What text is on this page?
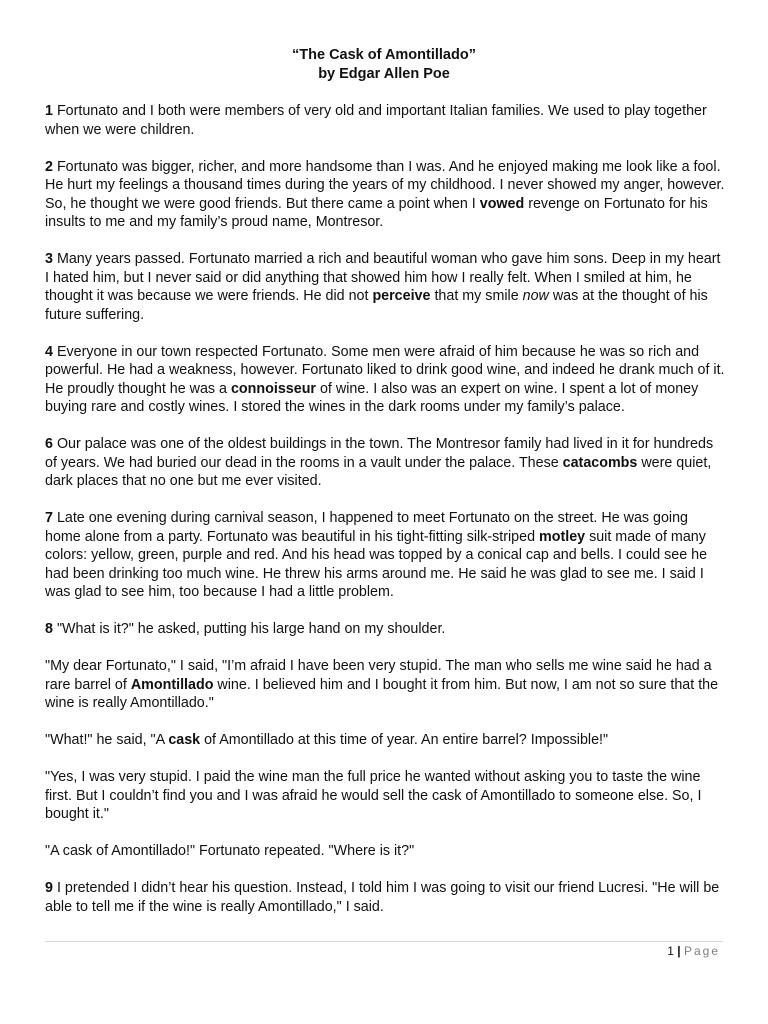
“The Cask of Amontillado”
by Edgar Allen Poe

1 Fortunato and I both were members of very old and important Italian families. We used to play together when we were children.

2 Fortunato was bigger, richer, and more handsome than I was. And he enjoyed making me look like a fool. He hurt my feelings a thousand times during the years of my childhood. I never showed my anger, however. So, he thought we were good friends. But there came a point when I vowed revenge on Fortunato for his insults to me and my family’s proud name, Montresor.

3 Many years passed. Fortunato married a rich and beautiful woman who gave him sons. Deep in my heart I hated him, but I never said or did anything that showed him how I really felt. When I smiled at him, he thought it was because we were friends. He did not perceive that my smile now was at the thought of his future suffering.

4 Everyone in our town respected Fortunato. Some men were afraid of him because he was so rich and powerful. He had a weakness, however. Fortunato liked to drink good wine, and indeed he drank much of it. He proudly thought he was a connoisseur of wine. I also was an expert on wine. I spent a lot of money buying rare and costly wines. I stored the wines in the dark rooms under my family’s palace.

6 Our palace was one of the oldest buildings in the town. The Montresor family had lived in it for hundreds of years. We had buried our dead in the rooms in a vault under the palace. These catacombs were quiet, dark places that no one but me ever visited.

7 Late one evening during carnival season, I happened to meet Fortunato on the street. He was going home alone from a party. Fortunato was beautiful in his tight-fitting silk-striped motley suit made of many colors: yellow, green, purple and red. And his head was topped by a conical cap and bells. I could see he had been drinking too much wine. He threw his arms around me. He said he was glad to see me. I said I was glad to see him, too because I had a little problem.

8 "What is it?" he asked, putting his large hand on my shoulder.

"My dear Fortunato," I said, "I’m afraid I have been very stupid. The man who sells me wine said he had a rare barrel of Amontillado wine. I believed him and I bought it from him. But now, I am not so sure that the wine is really Amontillado."

"What!" he said, "A cask of Amontillado at this time of year. An entire barrel? Impossible!"

"Yes, I was very stupid. I paid the wine man the full price he wanted without asking you to taste the wine first. But I couldn’t find you and I was afraid he would sell the cask of Amontillado to someone else. So, I bought it."

"A cask of Amontillado!" Fortunato repeated. "Where is it?"

9 I pretended I didn’t hear his question. Instead, I told him I was going to visit our friend Lucresi. "He will be able to tell me if the wine is really Amontillado," I said.

1 | Page
